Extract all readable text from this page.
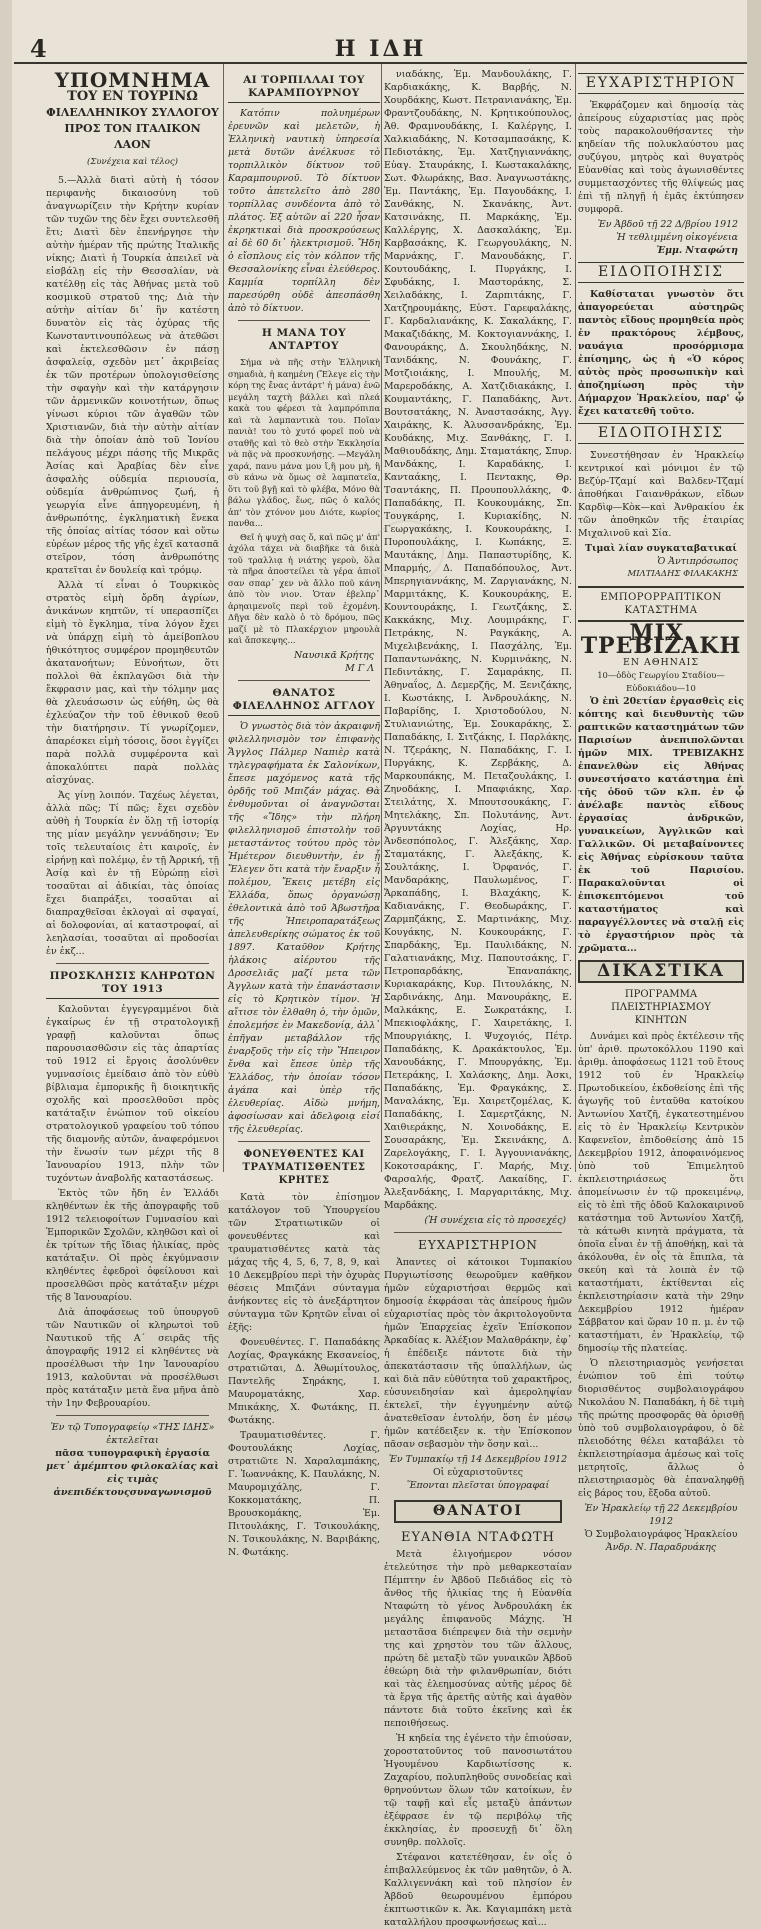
4	Η ΙΔΗ
ΥΠΟΜΝΗΜΑ
ΤΟΥ ΕΝ ΤΟΥΡΙΝΩ
ΦΙΛΕΛΛΗΝΙΚΟΥ ΣΥΛΛΟΓΟΥ
ΠΡΟΣ ΤΟΝ ΙΤΑΛΙΚΟΝ ΛΑΟΝ
(Συνέχεια καὶ τέλος)

5.—Ἀλλὰ διατὶ αὐτὴ ἡ τόσον περιφανὴς δικαιοσύνη τοῦ ἀναγνωρίζειν τὴν Κρήτην κυρίαν τῶν τυχῶν της δὲν ἔχει συντελεσθῆ ἔτι; Διατὶ δὲν ἐπενήργησε τὴν αὐτὴν ἡμέραν τῆς πρώτης Ἰταλικῆς νίκης; Διατὶ ἡ Τουρκία ἀπειλεῖ νὰ εἰσβάλῃ εἰς τὴν Θεσσαλίαν, νὰ κατέλθῃ εἰς τὰς Ἀθήνας μετὰ τοῦ κοσμικοῦ στρατοῦ της; Διὰ τὴν αὐτὴν αἰτίαν δι᾿ ἣν κατέστη δυνατὸν εἰς τὰς ὀχύρας τῆς Κωνσταντινουπόλεως νὰ ἀτεθῶσι καὶ ἐκτελεσθῶσιν ἐν πάσῃ ἀσφαλείᾳ, σχεδὸν μετ᾿ ἀκριβείας ἐκ τῶν προτέρων ὑπολογισθείσης τὴν σφαγὴν καὶ τὴν κατάργησιν τῶν ἀρμενικῶν κοινοτήτων, ὅπως γίνωσι κύριοι τῶν ἀγαθῶν τῶν Χριστιανῶν, διὰ τὴν αὐτὴν αἰτίαν διὰ τὴν ὁποίαν ἀπὸ τοῦ Ἰονίου πελάγους μέχρι πάσης τῆς Μικρᾶς Ἀσίας καὶ Ἀραβίας δὲν εἶνε ἀσφαλὴς οὐδεμία περιουσία, οὐδεμία ἀνθρώπινος ζωή, ἡ γεωργία εἶνε ἀπηγορευμένη, ἡ ἀνθρωπότης, ἐγκληματικὴ ἕνεκα τῆς ὁποίας αἰτίας τόσον καὶ οὕτω εὐρέων μέρος τῆς γῆς ἐχεῖ κατασπᾶ στεῖρον, τόση ἀνθρωπότης κρατεῖται ἐν δουλείᾳ καὶ τρόμῳ.

Ἀλλὰ τί εἶναι ὁ Τουρκικὸς στρατὸς εἰμὴ ὄρδη ἀγρίων, ἀνικάνων κηπτῶν, τί υπερασπίζει εἰμὴ τὸ ἔγκλημα, τίνα λόγον ἔχει νὰ ὑπάρχῃ εἰμὴ τὸ ἀμείβοπλου ἡθικότητος συμφέρον προμηθευτῶν ἀκατανοήτων; Εὐνοήτων, ὅτι πολλοὶ θὰ ἐκπλαγῶσι διὰ τὴν ἔκφρασιν μας, καὶ τὴν τόλμην μας θὰ χλευάσωσιν ὡς εὐήθη, ὡς θὰ ἐχλεύαζον τὴν τοῦ ἐθνικοῦ θεοῦ τὴν διατήρησιν. Τί γνωρίζομεν, ἀπαρέσκει εἰμὴ τόσοις, ὅσοι ἐγγίζει παρὰ πολλὰ συμφέροντα καὶ ἀποκαλύπτει παρὰ πολλὰς αἰσχύνας.

Ἀς γίνῃ λοιπόν. Ταχέως λέγεται, ἀλλὰ πῶς; Τί πῶς; ἔχει σχεδὸν αὐθὴ ἡ Τουρκία ἐν ὅλῃ τῇ ἱστορίᾳ της μίαν μεγάλην γεννάδησιν; Ἐν τοῖς τελευταίοις ἐτι καιροῖς, ἐν εἰρήνῃ καὶ πολέμῳ, ἐν τῇ Ἀρρική, τῇ Ἀσίᾳ καὶ ἐν τῇ Εὐρώπῃ εἰσὶ τοσαῦται αἱ ἀδικίαι, τὰς ὁποίας ἔχει διαπράξει, τοσαῦται αἱ διαπραχθεῖσαι ἐκλογαὶ αἱ σφαγαί, αἱ δολοφονίαι, αἱ καταστροφαί, αἱ λεηλασίαι, τοσαῦται αἱ προδοσίαι ἐν ἐκζ...

ΠΡΟΣΚΛΗΣΙΣ ΚΛΗΡΩΤΩΝ ΤΟΥ 1913

Καλοῦνται ἐγγεγραμμένοι διὰ ἐγκαίρως ἐν τῇ στρατολογικῇ γραφῇ καλοῦνται ὅπως παρουσιασθῶσιν εἰς τὰς ἀπαρτίας τοῦ 1912 εἰ ἔργοις ἀσολύνθεν γυμνασίοις ἐμείδαισ ἀπὸ τὸν εὐθὺ βίβλιαμα ἐμπορικῆς ἢ διοικητικῆς σχολῆς καὶ προσελθοῦσι πρὸς κατάταξιν ἐνώπιον τοῦ οἰκείου στρατολογικοῦ γραφείου τοῦ τόπου τῆς διαμονῆς αὐτῶν, ἀναφερόμενοι τὴν ἕνωσίν των μέχρι τῆς 8 Ἰανουαρίου 1913, πλὴν τῶν τυχόντων ἀναβολῆς καταστάσεως.

Ἐκτὸς τῶν ἤδη ἐν Ἑλλάδι κληθέντων ἐκ τῆς ἀπογραφῆς τοῦ 1912 τελειοφοίτων Γυμνασίου καὶ Ἐμπορικῶν Σχολῶν, κληθῶσι καὶ οἱ ἐκ τρίτων τῆς ἴδιας ἡλικίας, πρὸς κατάταξιν. Οἱ πρὸς ἐκγύμνασιν κληθέντες ἐφεδροὶ ὀφείλουσι καὶ προσελθῶσι πρὸς κατάταξιν μέχρι τῆς 8 Ἰανουαρίου.

Διὰ ἀποφάσεως τοῦ ὑπουργοῦ τῶν Ναυτικῶν οἱ κληρωτοὶ τοῦ Ναυτικοῦ τῆς Α´ σειρᾶς τῆς ἀπογραφῆς 1912 εἰ κληθέντες νὰ προσέλθωσι τὴν 1ην Ἰανουαρίου 1913, καλοῦνται νὰ προσέλθωσι πρὸς κατάταξιν μετὰ ἕνα μῆνα ἀπὸ τὴν 1ην Φεβρουαρίου.

Ἐν τῷ Τυπογραφείῳ «ΤΗΣ ΙΔΗΣ» ἐκτελεῖται
πᾶσα τυπογραφικὴ ἐργασία
μετ᾿ ἀμέμπτου φιλοκαλίας καὶ εἰς τιμὰς ἀνεπιδέκτουςσυναγωνισμοῦ
ΑΙ ΤΟΡΠΙΛΛΑΙ ΤΟΥ ΚΑΡΑΜΠΟΥΡΝΟΥ

Κατόπιν πολυημέρων ἐρευνῶν καὶ μελετῶν, ἡ Ἑλληνικὴ ναυτικὴ ὑπηρεσία μετὰ δυτῶν ἀνέλκυσε τὸ τορπιλλικὸν δίκτυον τοῦ Καραμπουρνοῦ. Τὸ δίκτυον τοῦτο ἀπετελεῖτο ἀπὸ 280 τορπίλλας συνδέοντα ἀπὸ τὸ πλάτος. Ἐξ αὐτῶν αἱ 220 ἦσαν ἐκρηκτικαὶ διὰ προσκρούσεως αἱ δὲ 60 δι᾿ ἠλεκτρισμοῦ. Ἤδη ὁ εἴσπλους εἰς τὸν κόλπον τῆς Θεσσαλονίκης εἶναι ἐλεύθερος. Καμμία τορπίλλη δὲν παρεσύρθη οὐδὲ ἀπεσπάσθη ἀπὸ τὸ δίκτυον.

Η ΜΑΝΑ ΤΟΥ ΑΝΤΑΡΤΟΥ

Σήμα νὰ πῆς στὴν Ἑλληνικὴ σημαδιὰ, ἡ καημένη (Ἔλεγε εἰς τὴν κόρη της ἔνας ἀντάρτ' ἡ μάνα) ἐνῶ μεγάλη ταχτὴ βάλλει καὶ πλεά κακὰ του φέρεσι τὰ λαμπρόπιπα καὶ τὰ λαμπαντικὰ του. Ποῖαν πανιὰ! του τὸ χυτό φορεῖ ποὺ νὰ σταθῆς καὶ τὸ θεὸ στὴν Ἐκκλησία νὰ πᾷς νὰ προσκυνήσῃς. —Μεγάλη χαρά, πανυ μάνα μου ἴ,ἢ μου μὴ, ἢ σὺ κάνω νὰ ὅμως σὲ λαμπατεῖα, ὅτι τοῦ βγῇ καὶ τὸ φλέβα, Μόνο θὰ βάλω γλάδος, ἕως, πῶς ὁ καλός ἀπ' τὸν χτόνον μου Διότε, κωρίος πανθα...

Θεῖ ἡ ψυχὴ σας ὅ, καὶ πῶς μ' ἀπ' ἀχόλα τάχει νὰ διαβῆκε τὰ δικὰ τοῦ τραλλιᾳ ἡ νιάτης γεροὺ, ὅλα τὰ πῆρα ἀποστείλει τὰ γέρα ἀπιοῖ σαν σπαρ᾿ χεν νὰ ἄλλο ποῦ κάνη ἀπὸ τὸν νιον. Ὁταν ἐβελπρ᾿ ἀρηαιμενοῖς περὶ τοῦ ἐχομένη. Δῆγα δὲν καλὸ ὁ τὸ δρόμου, πῶς μαζί μὲ τὸ Πλακέρχιον μηρουλὰ καὶ ἄπσκεψης...

Ναυσικᾶ Κρήτης
Μ Γ Λ
ΘΑΝΑΤΟΣ ΦΙΛΕΛΛΗΝΟΣ ΑΓΓΛΟΥ

Ὁ γνωστὸς διὰ τὸν ἀκραιφνῆ φιλελληνισμὸν τον ἐπιφανὴς Ἄγγλος Πάλμερ Ναπιὲρ κατὰ τηλεγραφήματα ἐκ Σαλονίκων, ἔπεσε μαχόμενος κατὰ τῆς ὀρδῆς τοῦ Μπιζάν μάχας. Θὰ ἐνθυμοῦνται οἱ ἀναγνῶσται τῆς «Ἴδης» τὴν πλήρη φιλελληνισμοῦ ἐπιστολὴν τοῦ μεταστάντος τούτου πρὸς τὸν Ἡμέτερον διευθυντὴν, ἐν ᾗ Ἔλεγεν ὅτι κατὰ τὴν ἔναρξιν ἦ πολέμου, Ἔκεις μετέβη εἰς Ἑλλάδα, ὅπως ὀργανώσῃ ἐθελοντικὰ ἀπὸ τοῦ Ἀβωστῆρα τῆς Ἠπειροπαρατάξεως ἀπελευθερίκης σώματος ἐκ τοῦ 1897. Καταῦθον Κρήτης ἡλάκοις αἰέρυτου τῆς Δροσελιᾶς μαζί μετα τῶν Ἀγγλων κατὰ τὴν ἐπανάστασιν εἰς τὸ Κρητικὸν τίμον. Ἡ αἴτισε τὸν ἐλθαθη ὁ, τὴν ὁμῶν, ἐπολεμήσε ἐν Μακεδονίᾳ, ἀλλ᾿ ἐπῆγαν μεταβάλλον τῆς ἐναρξοῦς τὴν εἰς τὴν Ἤπειρον ἔνθα καὶ ἔπεσε ὑπὲρ τῆς Ἑλλάδος, τὴν ὁποίαν τόσον ἀγάπα καὶ ὑπὲρ τῆς ἐλευθερίας. Αἰδὼ μνήμη, ἀφοσίωσαν καὶ ἀδελφοιᾳ εἰσί τῆς ἐλευθερίας.

ΦΟΝΕΥΘΕΝΤΕΣ ΚΑΙ ΤΡΑΥΜΑΤΙΣΘΕΝΤΕΣ ΚΡΗΤΕΣ

Κατὰ τὸν ἐπίσημον κατάλογον τοῦ Ὑπουργείου τῶν Στρατιωτικῶν οἱ φονευθέντες καὶ τραυματισθέντες κατὰ τὰς μάχας τῆς 4, 5, 6, 7, 8, 9, καὶ 10 Δεκεμβρίου περὶ τὴν ὀχυρὰς θέσεις Μπιζάνι σύνταγμα ἀνήκοντες εἰς τὸ ἀνεξάρτητον σύνταγμα τῶν Κρητῶν εἶναι οἱ ἑξῆς:

Φονευθέντες. Γ. Παπαδάκης Λοχίας, Φραγκάκης Εκσανείος, στρατιῶται, Δ. Ἀθωμίτουλος, Παντελῆς Σηράκης, Ι. Μαυροματάκης, Χαρ. Μπικάκης, Χ. Φωτάκης, Π. Φωτάκης.

Τραυματισθέντες. Γ. Φουτουλάκης Λοχίας, στρατιῶτε Ν. Χαραλαμπάκης, Γ. Ἰωαννάκης, Κ. Παυλάκης, Ν. Μαυρομιχάλης, Γ. Κοκκοματάκης, Π. Βρουσκομάκης, Ἐμ. Πιτουλάκης, Γ. Τσικουλάκης, Ν. Τσικουλάκης, Ν. Βαριβάκης, Ν. Φωτάκης.

νιαδάκης, Ἐμ. Μανδουλάκης, Γ. Καρδιακάκης, Κ. Βαρβής, Ν. Χουρδάκης, Κωστ. Πετρανιανάκης, Ἐμ. Φραντζουδάκης, Ν. Κρητικούπουλος, Ἀθ. Φραμνουδάκης, Ι. Καλέργης, Ι. Χαλκιαδάκης, Ν. Κοτσαμπασάκης, Κ. Πεδιοτάκης, Ἐμ. Χατζηγιαννάκης, Εὐαγ. Σταυράκης, Ι. Κωστακαλάκης, Σωτ. Φλωράκης, Βασ. Ἀναγνωστάκης, Ἐμ. Παντάκης, Ἐμ. Παγουδάκης, Ι. Σανθάκης, Ν. Σκανάκης, Ἀντ. Κατσινάκης, Π. Μαρκάκης, Ἐμ. Καλλέργης, Χ. Δασκαλάκης, Ἐμ. Καρβασάκης, Κ. Γεωργουλάκης, Ν. Μαρνάκης, Γ. Μανουδάκης, Γ. Κουτουδάκης, Ι. Πυργάκης, Ι. Σφυδάκης, Ι. Μαστοράκης, Σ. Χειλαδάκης, Ι. Ζαρπιτάκης, Γ. Χατζηρουμάκης, Εὐστ. Γαρεφαλάκης, Γ. Καρδαλιανάκης, Κ. Σακαλάκης, Γ. Μακαζιδάκης, Μ. Κοκτογιαννάκης, Ι. Φανουράκης, Δ. Σκουληδάκης, Ν. Τανιδάκης, Ν. Φουνάκης, Γ. Μοτζιοιάκης, Ι. Μπουλής, Μ. Μαρεροδάκης, Α. Χατζιδιακάκης, Ι. Κουμαντάκης, Γ. Παπαδάκης, Ἀντ. Βουτσατάκης, Ν. Ἀναστασάκης, Ἀγγ. Χαιράκης, Κ. Ἀλυσσανδράκης, Ἐμ. Κουδάκης, Μιχ. Ξανθάκης, Γ. Ι. Μαθιουδάκης, Δημ. Σταματάκης, Σπυρ. Μανδάκης, Ι. Καραδάκης, Ι. Κανταάκης, Ι. Πεντακης, Θρ. Τσαντάκης, Π. Προυπουλλάκης, Φ. Παπαδάκης, Π. Κουκουμάκης, Σπ. Τουγκάρης, Ι. Κυριακίδης, Ν. Γεωργακάκης, Ι. Κουκουράκης, Ι. Πυροπουλάκης, Ι. Κωπάκης, Ξ. Μαυτάκης, Δημ. Παπαστυρίδης, Κ. Μπαρμής, Δ. Παπαδόπουλος, Ἀντ. Μπερηγιαννάκης, Μ. Ζαργιανάκης, Ν. Μαρμιτάκης, Κ. Κουκουράκης, Ε. Κουντουράκης, Ι. Γεωτζάκης, Σ. Κακκάκης, Μιχ. Λουμιράκης, Γ. Πετράκης, Ν. Ραγκάκης, Α. Μιχελιβενάκης, Ι. Πασχάλης, Ἐμ. Παπαντωνάκης, Ν. Κυρμινάκης, Ν. Πεδιντάκης, Γ. Σαμαράκης, Π. Ἀθηναΐος, Δ. Δεμερζῆς, Μ. Ξενιζάκης, Ι. Κωστάκης, Ι. Ἀνδρουλάκης, Ν. Παβαρίδης, Ι. Χριστοδούλου, Ν. Στυλιανιώτης, Ἐμ. Σουκαράκης, Σ. Παπαδάκης, Ι. Σιτζάκης, Ι. Παρλάκης, Ν. Τζεράκης, Ν. Παπαδάκης, Γ. Ι. Πυργάκης, Κ. Ζερβάκης, Δ. Μαρκουπάκης, Μ. Πεταζουλάκης, Ι. Ζηνοδάκης, Ι. Μπαφιάκης, Χαρ. Στειλάτης, Χ. Μπουτσουκάκης, Γ. Μητελάκης, Σπ. Πολυτάνης, Ἀντ. Ἀργυντάκης Λοχίας, Ηρ. Ἀνδεσπόπολος, Γ. Ἀλεξάκης, Χαρ. Σταματάκης, Γ. Ἀλεξάκης, Κ. Σουλτάκης, Ι. Ὀρφανός, Γ. Μανδαράκης, Παυλωμένος, Γ. Ἄρκαπάδης, Ι. Βλαχάκης, Κ. Καδιανάκης, Γ. Θεοδωράκης, Γ. Ζαρμπζάκης, Σ. Μαρτινάκης, Μιχ. Κουγάκης, Ν. Κουκουράκης, Γ. Σπαρδάκης, Ἐμ. Παυλιδάκης, Ν. Γαλατιανάκης, Μιχ. Παπουτσάκης, Γ. Πετροπαρδάκης, Ἐπαναπάκης, Κυριακαράκης, Κυρ. Πιτουλάκης, Ν. Σαρδινάκης, Δημ. Μανουράκης, Ε. Μαλκάκης, Ε. Σωκρατάκης, Ι. Μπεκιοφλάκης, Γ. Χαιρετάκης, Ι. Μπουργιάκης, Ι. Ψυχογιός, Πέτρ. Παπαδάκης, Κ. Δρακάκτουλος, Ἐμ. Χανουδάκης, Γ. Μπουργάκης, Ἐμ. Πετεράκης, Ι. Χαλάσκης, Δημ. Ἀσκι, Παπαδάκης, Ἐμ. Φραγκάκης, Σ. Μαναλάκης, Ἐμ. Χαιρετζομέλας, Κ. Παπαδάκης, Ι. Σαμερτζάκης, Ν. Χαιθιεράκης, Ν. Χοινοδάκης, Ε. Σουσαράκης, Ἐμ. Σκεινάκης, Δ. Ζαρελογάκης, Γ. Ι. Ἀγγουνιανάκης, Κοκοτσαράκης, Γ. Μαρής, Μιχ. Φαρσαλής, Φρατζ. Λακαίδης, Γ. Ἀλεξανδάκης, Ι. Μαργαριτάκης, Μιχ. Μαρδάκης.

(Ἡ συνέχεια εἰς τὸ προσεχές)
ΕΥΧΑΡΙΣΤΗΡΙΟΝ

Ἀπαντες οἱ κάτοικοι Τυμπακίου Πυργιωτίσσης θεωροῦμεν καθῆκον ἡμῶν εὐχαριστήσαι θερμῶς καὶ δημοσίᾳ ἐκφράσαι τὰς ἀπείρους ἡμῶν εὐχαριστίας πρὸς τὸν ἀκριτολογοῦντα ἡμῶν Ἐπαρχείας ἐχεῖν Ἐπίσκοπον Ἀρκαδίας κ. Ἀλέξιον Μαλαθράκην, ἐφ᾿ ἡ ἐπέδειξε πάντοτε διὰ τὴν ἀπεκατάστασιν τῆς ὑπαλλήλων, ὡς καὶ διὰ πᾶν εὐθύτητα τοῦ χαρακτῆρος, εὐσυνειδησίαν καὶ ἀμεροληψίαν ἐκτελεῖ, τὴν ἐγγυημένην αὐτῷ ἀνατεθεῖσαν ἐντολήν, ὅση ἐν μέσῳ ἡμῶν κατέδειξεν κ. τὴν Ἐπίσκοπον πᾶσαν σεβασμὸν τὴν ὅσην καὶ...

Ἐν Τυμπακίῳ τῇ 14 Δεκεμβρίου 1912
Οἱ εὐχαριστοῦντες
Ἕπονται πλεῖσται ὑπογραφαί
ΘΑΝΑΤΟΙ
ΕΥΑΝΘΙΑ ΝΤΑΦΩΤΗ

Μετὰ ἐλιγοήμερον νόσον ἐτελεύτησε τὴν πρὸ μεθαρκεσταίαν Πέμπτην ἐν Ἀβδοῦ Πεδιάδος εἰς τὸ ἄνθος τῆς ἡλικίας της ἡ Εὐανθία Νταφώτη τὸ γένος Ἀνδρουλάκη ἐκ μεγάλης ἐπιφανοῦς Μάχης. Ἡ μεταστᾶσα διέπρεψεν διὰ τὴν σεμνὴν της καὶ χρηστὸν του τῶν ἄλλους, πρώτη δὲ μεταξὺ τῶν γυναικῶν Ἀβδοῦ ἐθεώρη διὰ τὴν φιλανθρωπίαν, διότι καὶ τὰς ἐλεημοσύνας αὐτῆς μέρος δὲ τὰ ἔργα τῆς ἀρετῆς αὐτῆς καὶ ἀγαθὸν πάντοτε διὰ τοῦτο ἐκεῖνης καὶ ἐκ πεποιθήσεως.

Ἡ κηδεία της ἐγένετο τὴν ἐπιούσαν, χοροστατοῦντος τοῦ πανοσιωτάτου Ἡγουμένου Καρδιωτίσσης κ. Ζαχαρίου, πολυπληθοῦς συνοδείας καὶ θρηνούντων ὅλων τῶν κατοίκων, ἐν τῷ ταφῇ καὶ εἷς μεταξὺ ἀπάντων ἐξέφρασε ἐν τῷ περιβόλῳ τῆς ἐκκλησίας, ἐν προσευχῇ δι᾿ ὅλη συνηθρ. πολλοῖς.

Στέφανοι κατετέθησαν, ἐν οἷς ὁ ἐπιβαλλεύμενος ἑκ τῶν μαθητῶν, ὁ Ἀ. Καλλιγεννάκη καὶ τοῦ πλησίον ἐν Ἀβδοῦ θεωρουμένου ἐμπόρου ἐκπτωστικῶν κ. Ἀκ. Καγιαμπάκη μετὰ καταλλήλου προσφωνήσεως καὶ...

ΕΥΧΑΡΙΣΤΗΡΙΟΝ

Ἐκφράζομεν καὶ δημοσίᾳ τὰς ἀπείρους εὐχαριστίας μας πρὸς τοὺς παρακολουθήσαντες τὴν κηδείαν τῆς πολυκλαύστου μας συζύγου, μητρὸς καὶ θυγατρὸς Εὐανθίας καὶ τοὺς ἀγωνισθέντες συμμετασχόντες τῆς θλίψεώς μας ἐπὶ τῇ πληγῇ ἡ ἐμᾶς ἐκτύπησεν συμφορᾶ.

Ἐν Ἀβδοῦ τῇ 22 Δ/βρίου 1912
Ἡ τεθλιμμένη οἰκογένεια
Ἐμμ. Νταφώτη
ΕΙΔΟΠΟΙΗΣΙΣ

Καθίσταται γνωστὸν ὅτι ἀπαγορεύεται αὐστηρῶς παντὸς εἴδους προμηθεία πρὸς ἐν πρακτόρους λέμβους, ναυάγια προσόρμισμα ἐπίσημης, ὡς ἡ «Ὁ κόρος αὐτὸς πρὸς προσωπικὴν καὶ ἀποζημίωση πρὸς τὴν Δήμαρχον Ἡρακλείου, παρ' ᾧ ἔχει κατατεθῆ τοῦτο.

ΕΙΔΟΠΟΙΗΣΙΣ

Συνεστήθησαν ἐν Ἡρακλείῳ κεντρικοί καὶ μόνιμοι ἐν τῷ Βεζύρ-Τζαμί καὶ Βαλδεν-Τζαμί ἀποθήκαι Γαιανθράκων, εἴδων Καρδὶφ—Κὸκ—καὶ Ἀνθρακίου ἐκ τῶν ἀποθηκῶν τῆς ἑταιρίας Μιχαλινοῦ καὶ Σία.

Τιμαὶ λίαν συγκαταβατικαί
Ὁ Ἀντιπρόσωπος
ΜΙΛΤΙΑΔΗΣ ΦΙΛΑΚΑΚΗΣ
ΕΜΠΟΡΟΡΡΑΠΤΙΚΟΝ ΚΑΤΑΣΤΗΜΑ
ΜΙΧ. ΤΡΕΒΙΖΑΚΗ
ΕΝ ΑΘΗΝΑΙΣ
10—ὁδὸς Γεωργίου Σταδίου—Εὐδοκιάδου—10

Ὁ ἐπὶ 20ετίαν ἐργασθεὶς εἰς κόπτης καὶ διευθυντὴς τῶν ραπτικῶν καταστημάτων τῶν Παρισίων ἀνεπιπολῶνται ἡμῶν ΜΙΧ. ΤΡΕΒΙΖΑΚΗΣ ἐπανελθὼν εἰς Ἀθήνας συνεστήσατο κατάστημα ἐπὶ τῆς ὁδοῦ τῶν κλπ. ἐν ᾧ ἀνέλαβε παντὸς εἴδους ἐργασίας ἀνδρικῶν, γυναικείων, Ἀγγλικῶν καὶ Γαλλικῶν. Οἱ μεταβαίνοντες εἰς Ἀθήνας εὑρίσκουν ταῦτα ἐκ τοῦ Παρισίου. Παρακαλοῦνται οἱ ἐπισκεπτόμενοι τοῦ καταστήματος καὶ παραγγέλλοντες νὰ σταλῇ εἰς τὸ ἐργαστήριον πρὸς τὰ χρῶματα...

ΔΙΚΑΣΤΙΚΑ
ΠΡΟΓΡΑΜΜΑ ΠΛΕΙΣΤΗΡΙΑΣΜΟΥ
ΚΙΝΗΤΩΝ

Δυνάμει καὶ πρὸς ἐκτέλεσιν τῆς ὑπ' ἀριθ. πρωτοκόλλου 1190 καὶ ἀριθμ. ἀποφάσεως 1121 τοῦ ἔτους 1912 τοῦ ἐν Ἡρακλείῳ Πρωτοδικείου, ἐκδοθείσης ἐπὶ τῆς ἀγωγῆς τοῦ ἐνταῦθα κατοίκου Ἀντωνίου Χατζῆ, ἐγκατεστημένου εἰς τὸ ἐν Ἡρακλείῳ Κεντρικὸν Καφενεῖον, ἐπιδοθείσης ἀπὸ 15 Δεκεμβρίου 1912, ἀποφαινόμενος ὑπὸ τοῦ Ἐπιμελητοῦ ἐκπλειστηριάσεως ὅτι ἀπομείνωσιν ἐν τῷ προκειμένῳ, εἰς τὸ ἐπὶ τῆς ὁδοῦ Καλοκαιρινοῦ κατάστημα τοῦ Ἀντωνίου Χατζῆ, τὰ κάτωθι κινητὰ πράγματα, τὰ ὁποῖα εἶναι ἐν τῇ ἀποθήκῃ, καὶ τὰ ἀκόλουθα, ἐν οἷς τὰ ἔπιπλα, τὰ σκεύη καὶ τὰ λοιπὰ ἐν τῷ καταστήματι, ἐκτίθενται εἰς ἐκπλειστηρίασιν κατὰ τὴν 29ην Δεκεμβρίου 1912 ἡμέραν Σάββατον καὶ ὥραν 10 π. μ. ἐν τῷ καταστήματι, ἐν Ἡρακλείῳ, τῷ δημοσίῳ τῆς πλατείας.

Ὁ πλειστηριασμὸς γενήσεται ἐνώπιον τοῦ ἐπὶ τούτῳ διορισθέντος συμβολαιογράφου Νικολάου Ν. Παπαδάκη, ἡ δὲ τιμὴ τῆς πρώτης προσφορᾶς θὰ ὁρισθῇ ὑπὸ τοῦ συμβολαιογράφου, ὁ δὲ πλειοδότης θέλει καταβάλει τὸ ἐκπλειστηρίασμα ἀμέσως καὶ τοῖς μετρητοῖς, ἄλλως ὁ πλειστηριασμὸς θὰ ἐπαναληφθῇ εἰς βάρος του, ἔξοδα αὐτοῦ.

Ἐν Ἡρακλείῳ τῇ 22 Δεκεμβρίου 1912
Ὁ Συμβολαιογράφος Ἡρακλείου
Ἀνδρ. Ν. Παραδρυάκης
